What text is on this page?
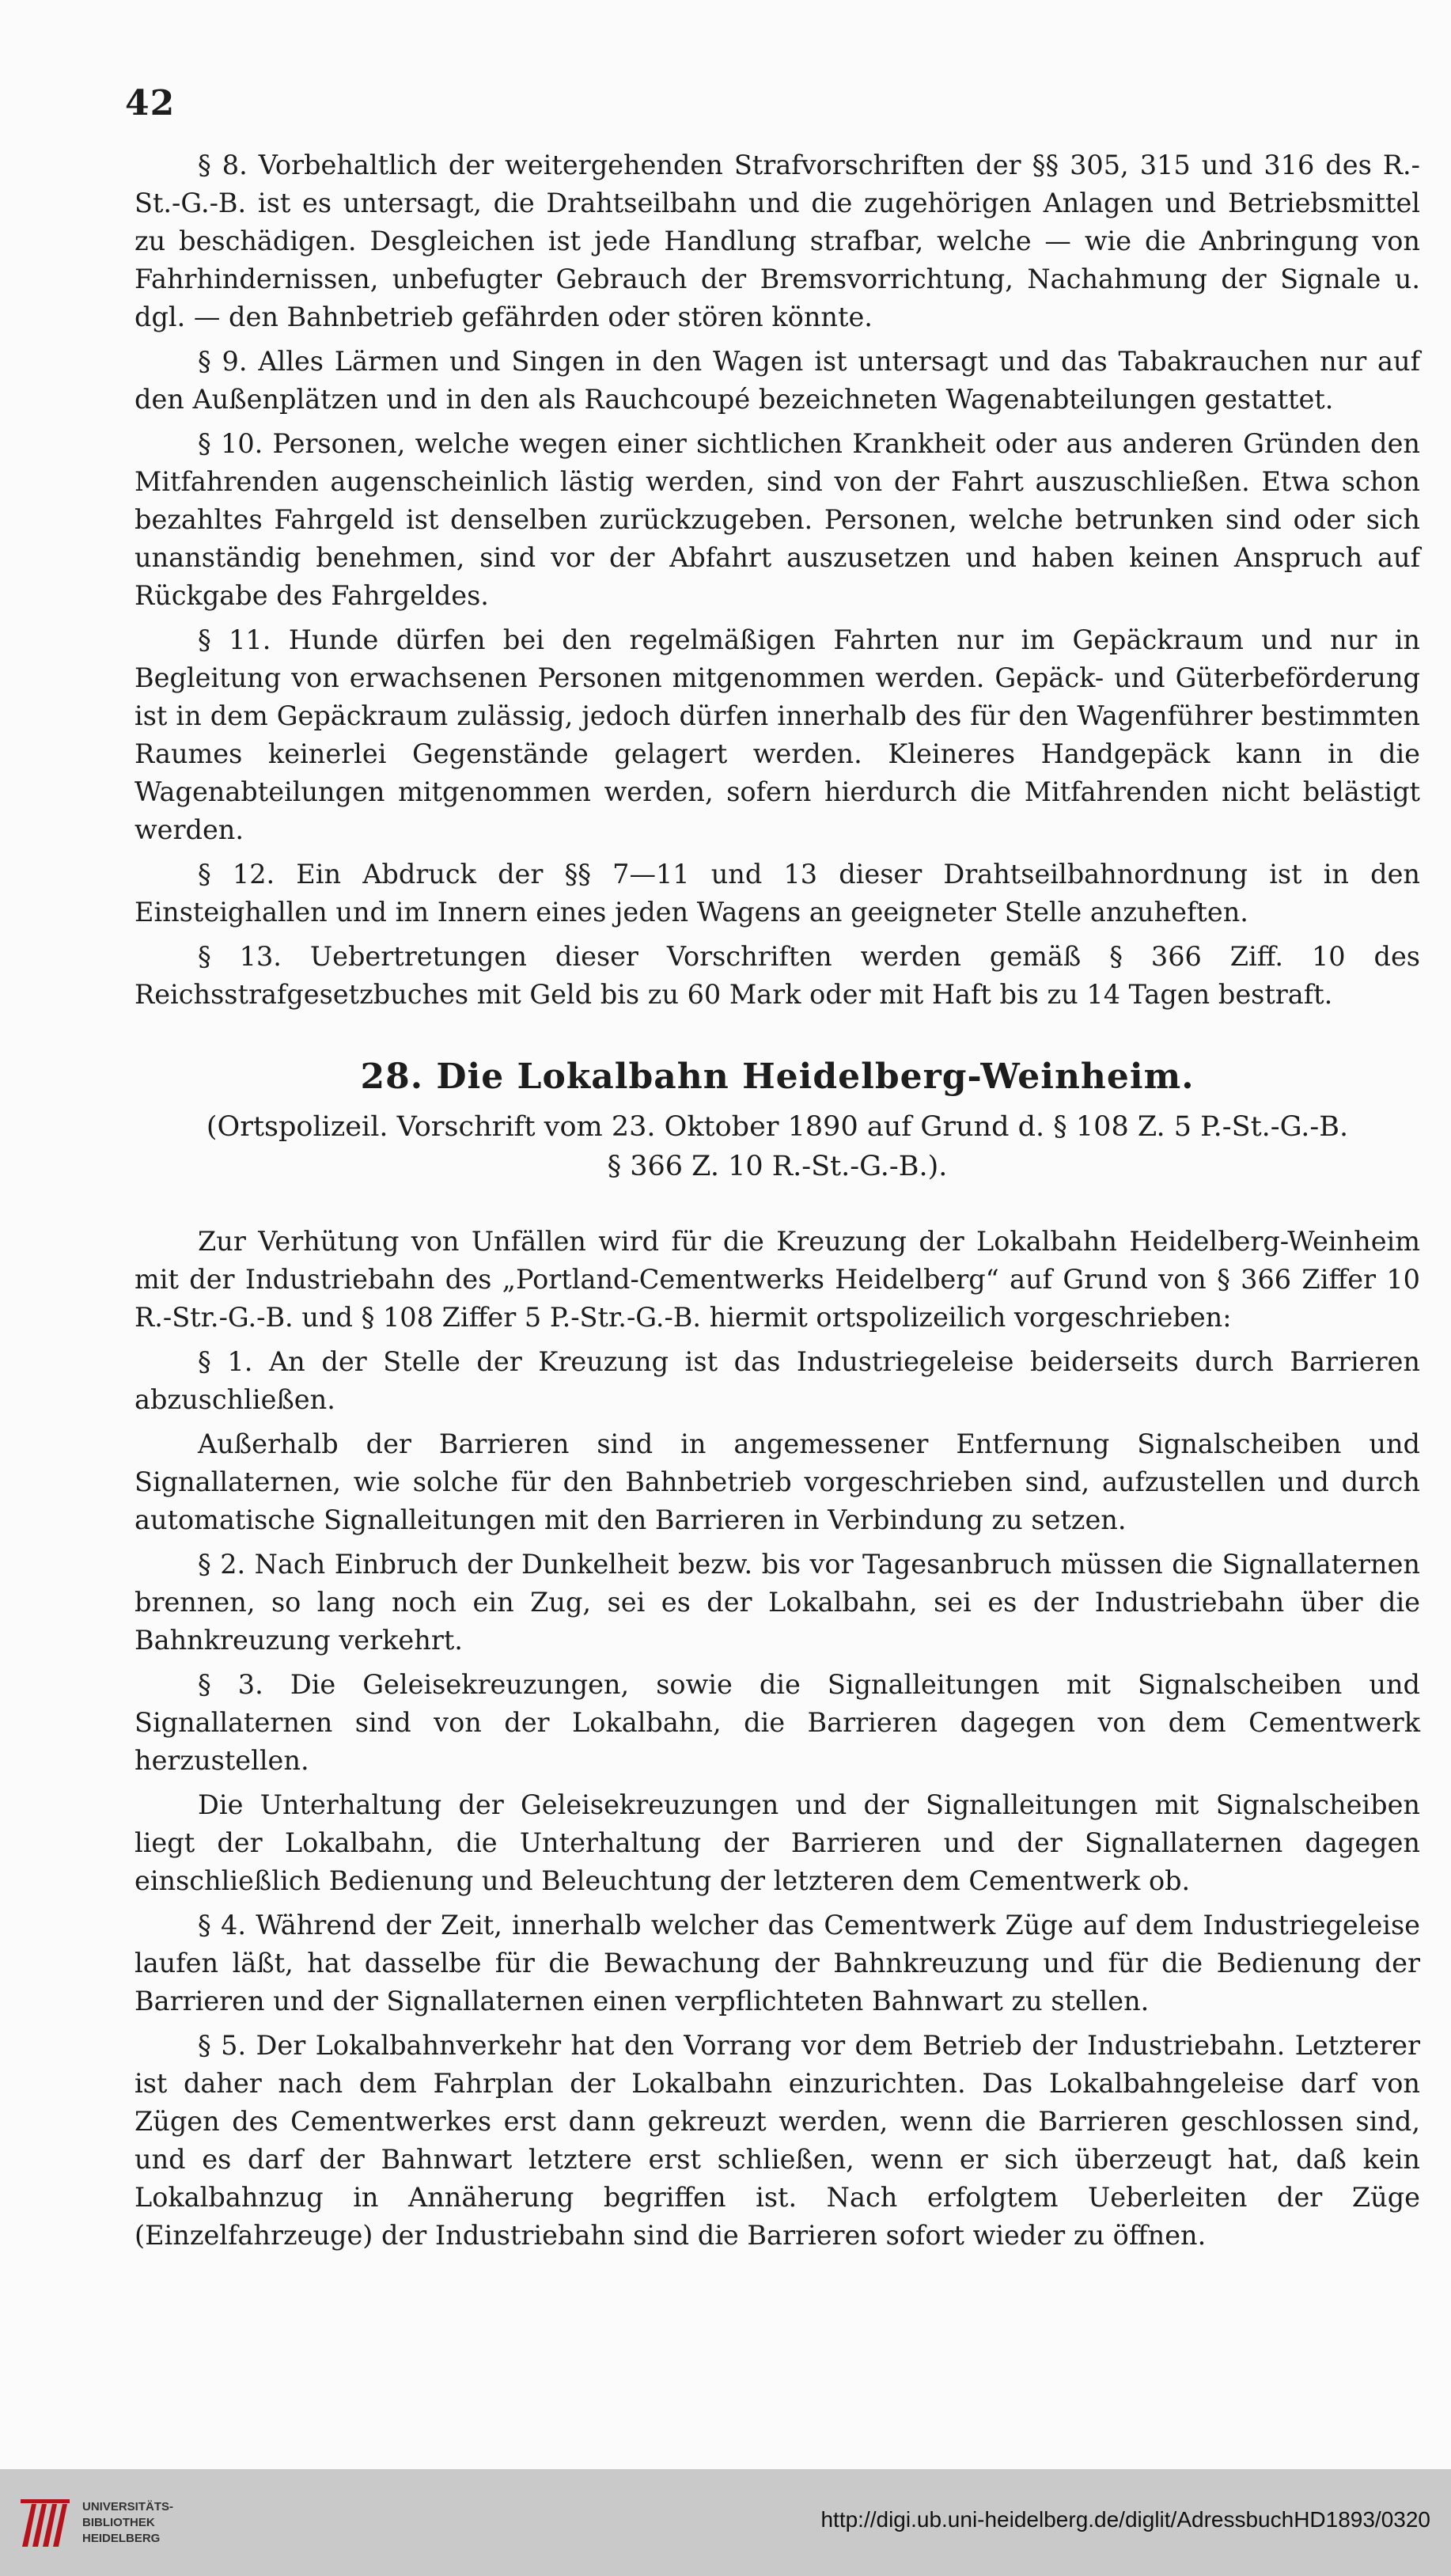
42

§ 8. Vorbehaltlich der weitergehenden Strafvorschriften der §§ 305, 315 und 316 des R.-St.-G.-B. ist es untersagt, die Drahtseilbahn und die zugehörigen Anlagen und Betriebsmittel zu beschädigen. Desgleichen ist jede Handlung strafbar, welche — wie die Anbringung von Fahrhindernissen, unbefugter Gebrauch der Bremsvorrichtung, Nachahmung der Signale u. dgl. — den Bahnbetrieb gefährden oder stören könnte.

§ 9. Alles Lärmen und Singen in den Wagen ist untersagt und das Tabakrauchen nur auf den Außenplätzen und in den als Rauchcoupé bezeichneten Wagenabteilungen gestattet.

§ 10. Personen, welche wegen einer sichtlichen Krankheit oder aus anderen Gründen den Mitfahrenden augenscheinlich lästig werden, sind von der Fahrt auszuschließen. Etwa schon bezahltes Fahrgeld ist denselben zurückzugeben. Personen, welche betrunken sind oder sich unanständig benehmen, sind vor der Abfahrt auszusetzen und haben keinen Anspruch auf Rückgabe des Fahrgeldes.

§ 11. Hunde dürfen bei den regelmäßigen Fahrten nur im Gepäckraum und nur in Begleitung von erwachsenen Personen mitgenommen werden. Gepäck- und Güterbeförderung ist in dem Gepäckraum zulässig, jedoch dürfen innerhalb des für den Wagenführer bestimmten Raumes keinerlei Gegenstände gelagert werden. Kleineres Handgepäck kann in die Wagenabteilungen mitgenommen werden, sofern hierdurch die Mitfahrenden nicht belästigt werden.

§ 12. Ein Abdruck der §§ 7—11 und 13 dieser Drahtseilbahnordnung ist in den Einsteighallen und im Innern eines jeden Wagens an geeigneter Stelle anzuheften.

§ 13. Uebertretungen dieser Vorschriften werden gemäß § 366 Ziff. 10 des Reichsstrafgesetzbuches mit Geld bis zu 60 Mark oder mit Haft bis zu 14 Tagen bestraft.

28. Die Lokalbahn Heidelberg-Weinheim.
(Ortspolizeil. Vorschrift vom 23. Oktober 1890 auf Grund d. § 108 Z. 5 P.-St.-G.-B.
§ 366 Z. 10 R.-St.-G.-B.).

Zur Verhütung von Unfällen wird für die Kreuzung der Lokalbahn Heidelberg-Weinheim mit der Industriebahn des „Portland-Cementwerks Heidelberg“ auf Grund von § 366 Ziffer 10 R.-Str.-G.-B. und § 108 Ziffer 5 P.-Str.-G.-B. hiermit ortspolizeilich vorgeschrieben:

§ 1. An der Stelle der Kreuzung ist das Industriegeleise beiderseits durch Barrieren abzuschließen.

Außerhalb der Barrieren sind in angemessener Entfernung Signalscheiben und Signallaternen, wie solche für den Bahnbetrieb vorgeschrieben sind, aufzustellen und durch automatische Signalleitungen mit den Barrieren in Verbindung zu setzen.

§ 2. Nach Einbruch der Dunkelheit bezw. bis vor Tagesanbruch müssen die Signallaternen brennen, so lang noch ein Zug, sei es der Lokalbahn, sei es der Industriebahn über die Bahnkreuzung verkehrt.

§ 3. Die Geleisekreuzungen, sowie die Signalleitungen mit Signalscheiben und Signallaternen sind von der Lokalbahn, die Barrieren dagegen von dem Cementwerk herzustellen.

Die Unterhaltung der Geleisekreuzungen und der Signalleitungen mit Signalscheiben liegt der Lokalbahn, die Unterhaltung der Barrieren und der Signallaternen dagegen einschließlich Bedienung und Beleuchtung der letzteren dem Cementwerk ob.

§ 4. Während der Zeit, innerhalb welcher das Cementwerk Züge auf dem Industriegeleise laufen läßt, hat dasselbe für die Bewachung der Bahnkreuzung und für die Bedienung der Barrieren und der Signallaternen einen verpflichteten Bahnwart zu stellen.

§ 5. Der Lokalbahnverkehr hat den Vorrang vor dem Betrieb der Industriebahn. Letzterer ist daher nach dem Fahrplan der Lokalbahn einzurichten. Das Lokalbahngeleise darf von Zügen des Cementwerkes erst dann gekreuzt werden, wenn die Barrieren geschlossen sind, und es darf der Bahnwart letztere erst schließen, wenn er sich überzeugt hat, daß kein Lokalbahnzug in Annäherung begriffen ist. Nach erfolgtem Ueberleiten der Züge (Einzelfahrzeuge) der Industriebahn sind die Barrieren sofort wieder zu öffnen.

UNIVERSITÄTS-
BIBLIOTHEK
HEIDELBERG
http://digi.ub.uni-heidelberg.de/diglit/AdressbuchHD1893/0320
